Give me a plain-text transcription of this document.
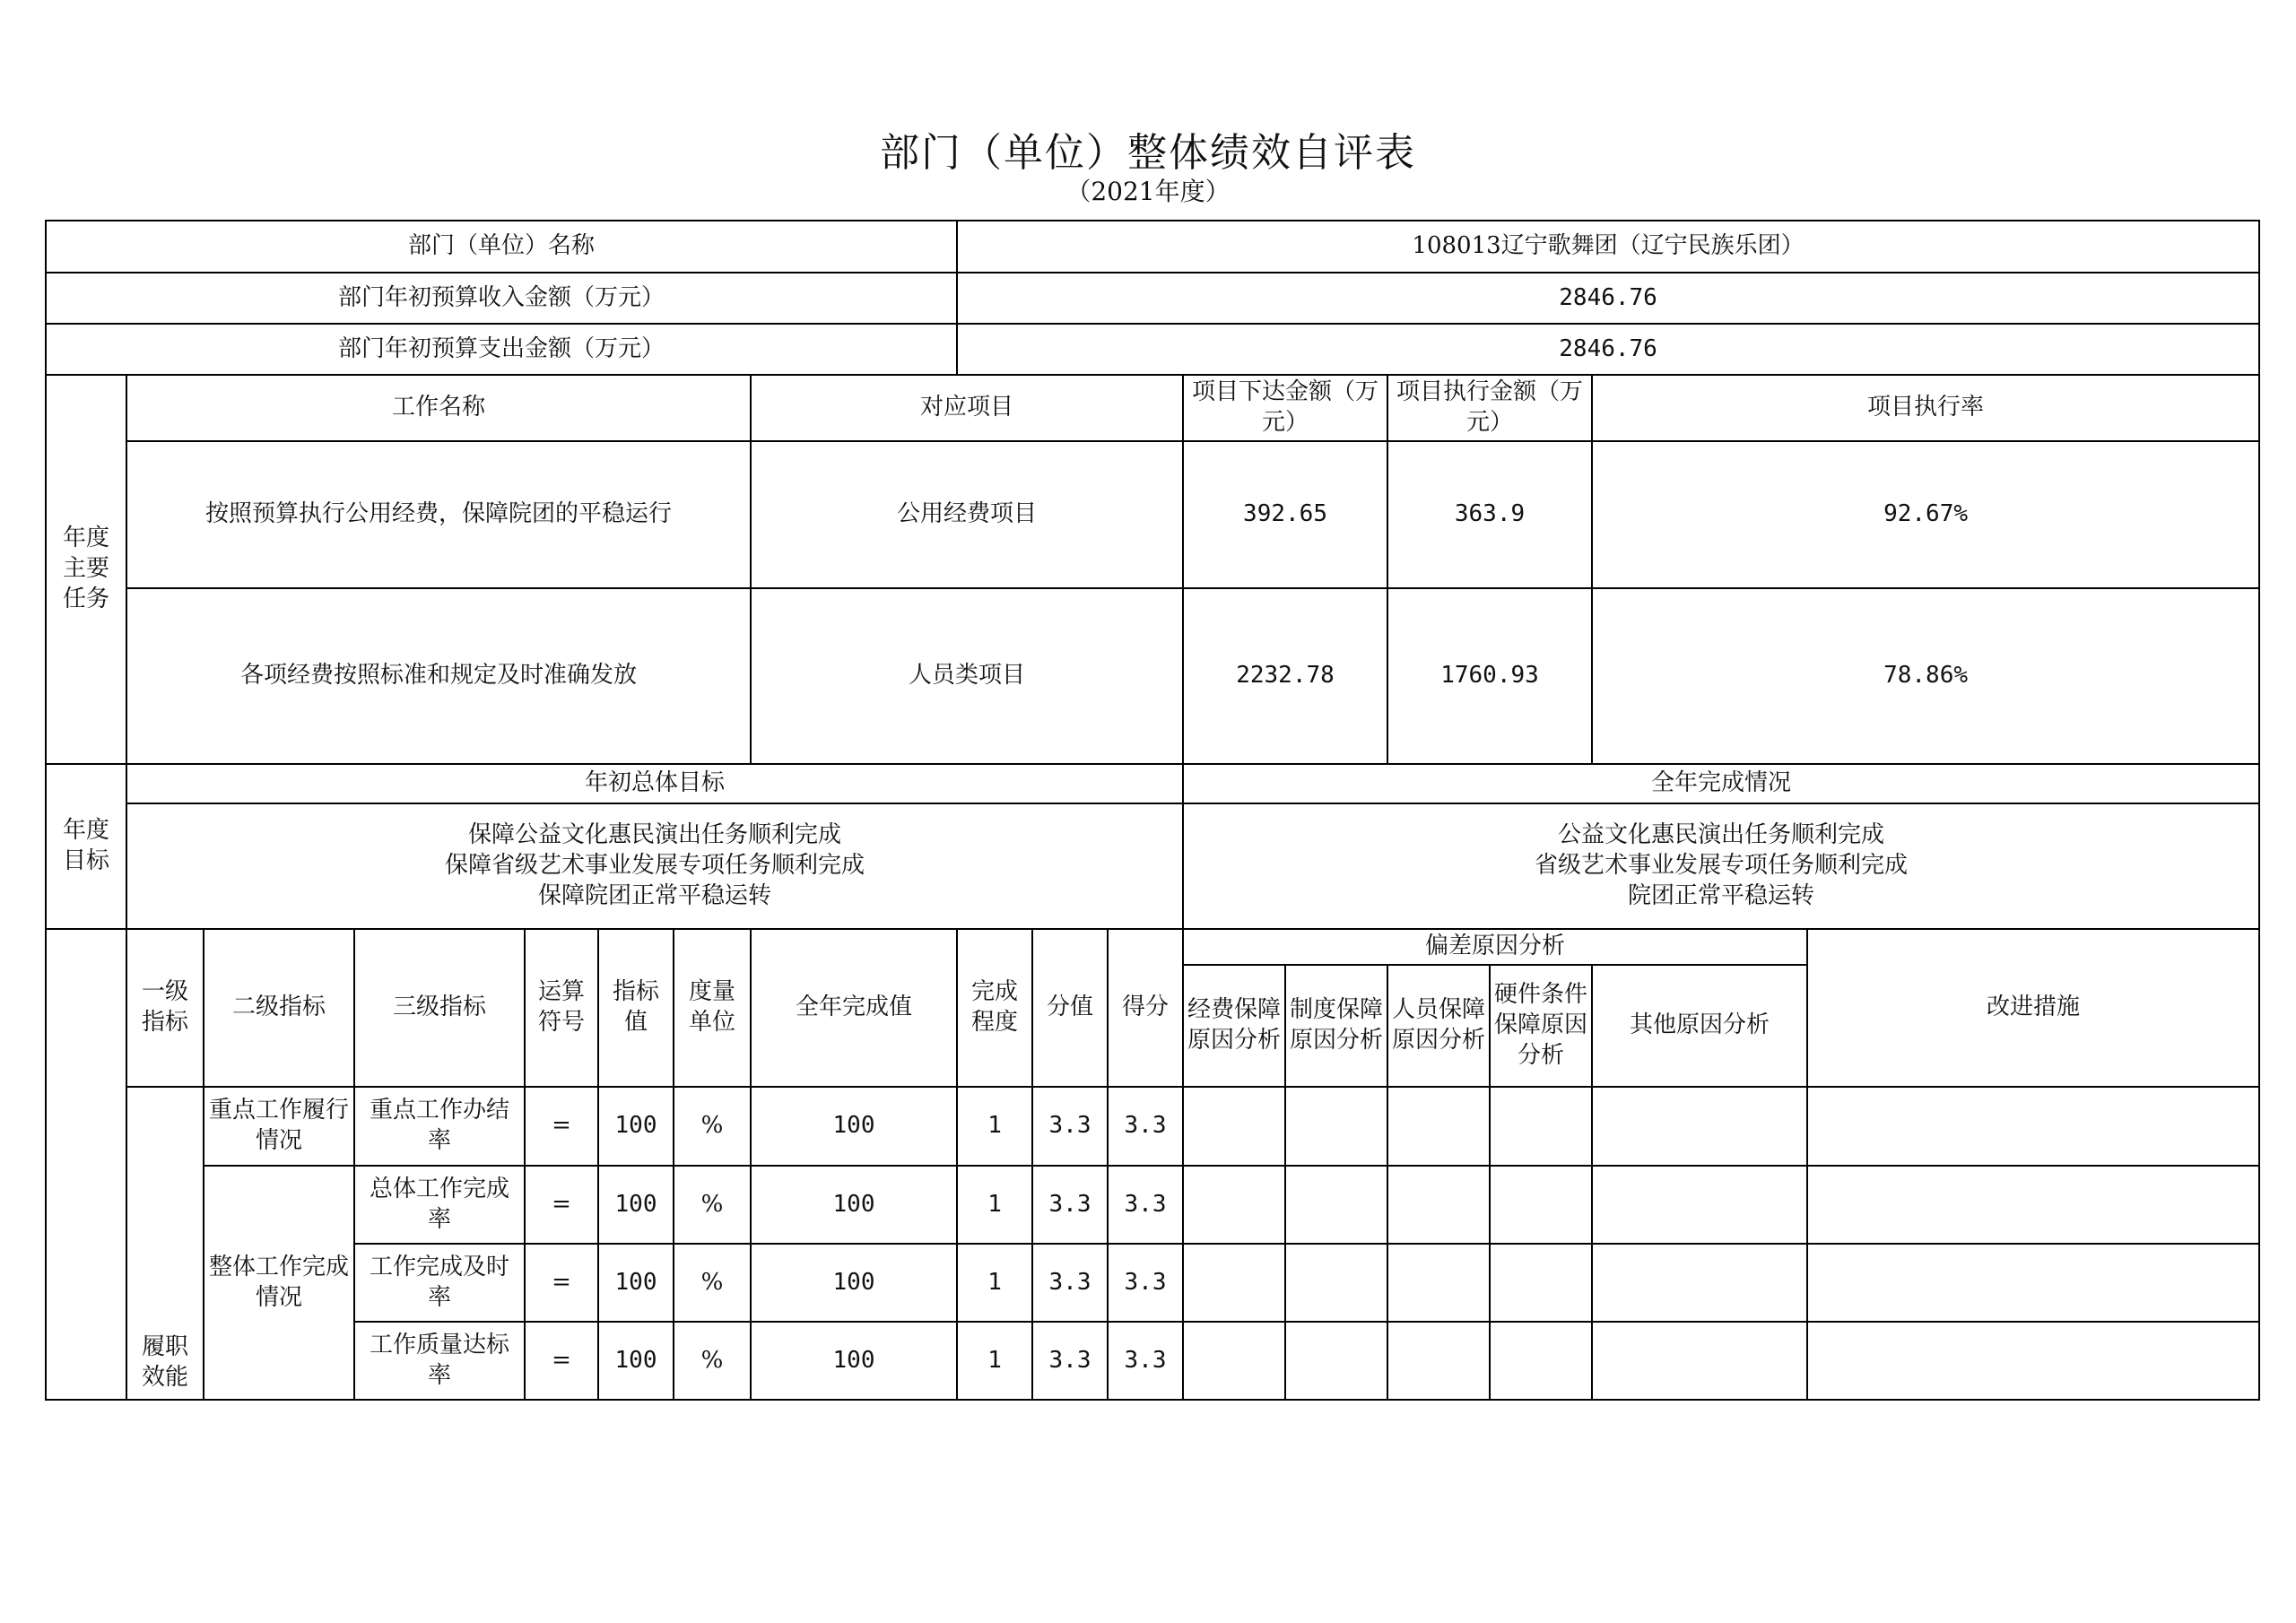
部门（单位）整体绩效自评表
（2021年度）
部门（单位）名称								108013辽宁歌舞团（辽宁民族乐团）									
部门年初预算收入金额（万元）								2846.76									
部门年初预算支出金额（万元）								2846.76									
年度主要任务	工作名称						对应项目				项目下达金额（万元）		项目执行金额（万元）		项目执行率	

	按照预算执行公用经费，保障院团的平稳运行						公用经费项目				392.65		363.9		92.67%	

	各项经费按照标准和规定及时准确发放						人员类项目				2232.78		1760.93		78.86%	

年度目标	年初总体目标										全年完成情况						

	保障公益文化惠民演出任务顺利完成
保障省级艺术事业发展专项任务顺利完成
保障院团正常平稳运转										公益文化惠民演出任务顺利完成
省级艺术事业发展专项任务顺利完成
院团正常平稳运转						

	一级指标	二级指标	三级指标	运算符号	指标值	度量单位	全年完成值	完成程度	分值	得分	偏差原因分析					改进措施	
											经费保障原因分析	制度保障原因分析	人员保障原因分析	硬件条件保障原因分析	其他原因分析		
	履职效能	重点工作履行情况	重点工作办结率	=	100	%	100	1	3.3	3.3							
		整体工作完成情况	总体工作完成率	=	100	%	100	1	3.3	3.3							
			工作完成及时率	=	100	%	100	1	3.3	3.3							
			工作质量达标率	=	100	%	100	1	3.3	3.3							
